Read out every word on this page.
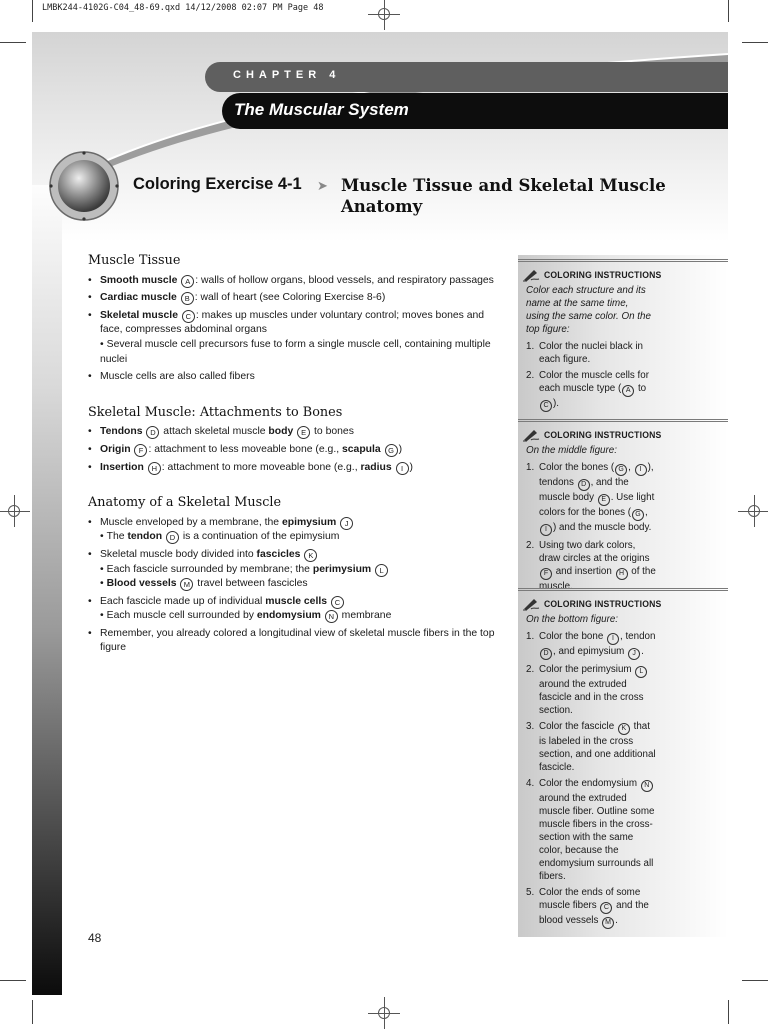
LMBK244-4102G-C04_48-69.qxd 14/12/2008 02:07 PM Page 48
CHAPTER 4
The Muscular System
Coloring Exercise 4-1 ➤ Muscle Tissue and Skeletal Muscle Anatomy
Muscle Tissue
• Smooth muscle A : walls of hollow organs, blood vessels, and respiratory passages
• Cardiac muscle B : wall of heart (see Coloring Exercise 8-6)
• Skeletal muscle C : makes up muscles under voluntary control; moves bones and face, compresses abdominal organs
• Several muscle cell precursors fuse to form a single muscle cell, containing multiple nuclei
• Muscle cells are also called fibers
Skeletal Muscle: Attachments to Bones
• Tendons D attach skeletal muscle body E to bones
• Origin F : attachment to less moveable bone (e.g., scapula G )
• Insertion H : attachment to more moveable bone (e.g., radius I )
Anatomy of a Skeletal Muscle
• Muscle enveloped by a membrane, the epimysium J
• The tendon D is a continuation of the epimysium
• Skeletal muscle body divided into fascicles K
• Each fascicle surrounded by membrane; the perimysium L
• Blood vessels M travel between fascicles
• Each fascicle made up of individual muscle cells C
• Each muscle cell surrounded by endomysium N membrane
• Remember, you already colored a longitudinal view of skeletal muscle fibers in the top figure
COLORING INSTRUCTIONS
Color each structure and its name at the same time, using the same color. On the top figure:
1. Color the nuclei black in each figure.
2. Color the muscle cells for each muscle type ( A to C ).
COLORING INSTRUCTIONS
On the middle figure:
1. Color the bones ( G , I ), tendons D , and the muscle body E . Use light colors for the bones ( G , I ) and the muscle body.
2. Using two dark colors, draw circles at the origins F and insertion H of the muscle.
COLORING INSTRUCTIONS
On the bottom figure:
1. Color the bone I , tendon D , and epimysium J .
2. Color the perimysium L around the extruded fascicle and in the cross section.
3. Color the fascicle K that is labeled in the cross section, and one additional fascicle.
4. Color the endomysium N around the extruded muscle fiber. Outline some muscle fibers in the cross-section with the same color, because the endomysium surrounds all fibers.
5. Color the ends of some muscle fibers C and the blood vessels M .
48
